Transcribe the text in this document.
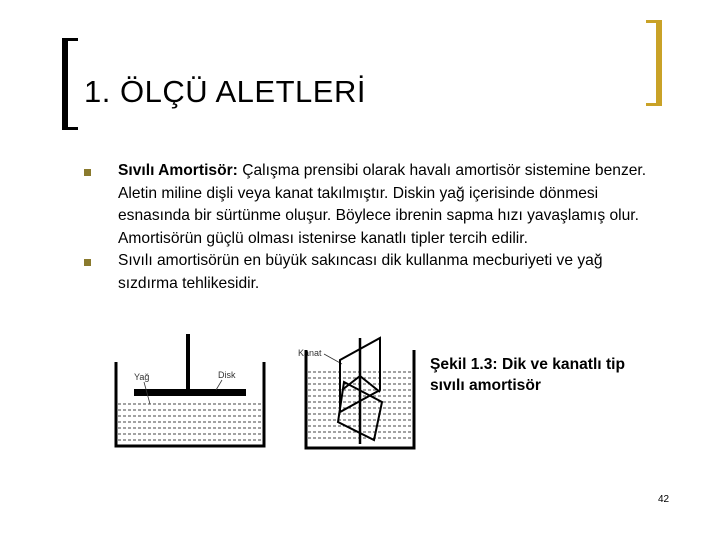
1. ÖLÇÜ ALETLERİ
Sıvılı Amortisör: Çalışma prensibi olarak havalı amortisör sistemine benzer. Aletin miline dişli veya kanat takılmıştır. Diskin yağ içerisinde dönmesi esnasında bir sürtünme oluşur. Böylece ibrenin sapma hızı yavaşlamış olur. Amortisörün güçlü olması istenirse kanatlı tipler tercih edilir.
Sıvılı amortisörün en büyük sakıncası dik kullanma mecburiyeti ve yağ sızdırma tehlikesidir.
Yağ	Disk
Kanat
Şekil 1.3: Dik ve kanatlı tip sıvılı amortisör
42
